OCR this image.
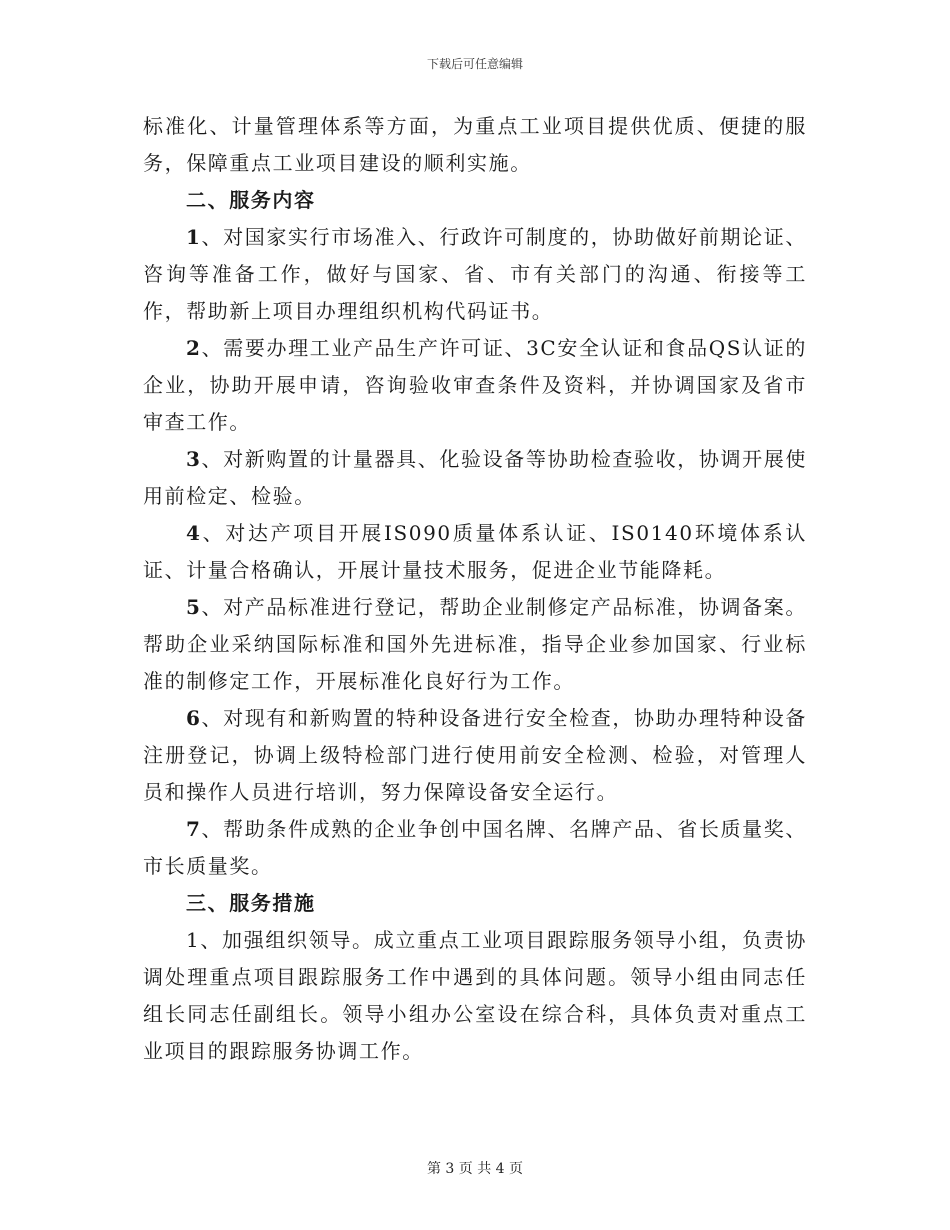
下载后可任意编辑

标准化、计量管理体系等方面，为重点工业项目提供优质、便捷的服务，保障重点工业项目建设的顺利实施。

二、服务内容

1、对国家实行市场准入、行政许可制度的，协助做好前期论证、咨询等准备工作，做好与国家、省、市有关部门的沟通、衔接等工作，帮助新上项目办理组织机构代码证书。

2、需要办理工业产品生产许可证、3C安全认证和食品QS认证的企业，协助开展申请，咨询验收审查条件及资料，并协调国家及省市审查工作。

3、对新购置的计量器具、化验设备等协助检查验收，协调开展使用前检定、检验。

4、对达产项目开展IS090质量体系认证、IS0140环境体系认证、计量合格确认，开展计量技术服务，促进企业节能降耗。

5、对产品标准进行登记，帮助企业制修定产品标准，协调备案。帮助企业采纳国际标准和国外先进标准，指导企业参加国家、行业标准的制修定工作，开展标准化良好行为工作。

6、对现有和新购置的特种设备进行安全检查，协助办理特种设备注册登记，协调上级特检部门进行使用前安全检测、检验，对管理人员和操作人员进行培训，努力保障设备安全运行。

7、帮助条件成熟的企业争创中国名牌、名牌产品、省长质量奖、市长质量奖。

三、服务措施

1、加强组织领导。成立重点工业项目跟踪服务领导小组，负责协调处理重点项目跟踪服务工作中遇到的具体问题。领导小组由同志任组长同志任副组长。领导小组办公室设在综合科，具体负责对重点工业项目的跟踪服务协调工作。

第 3 页 共 4 页
